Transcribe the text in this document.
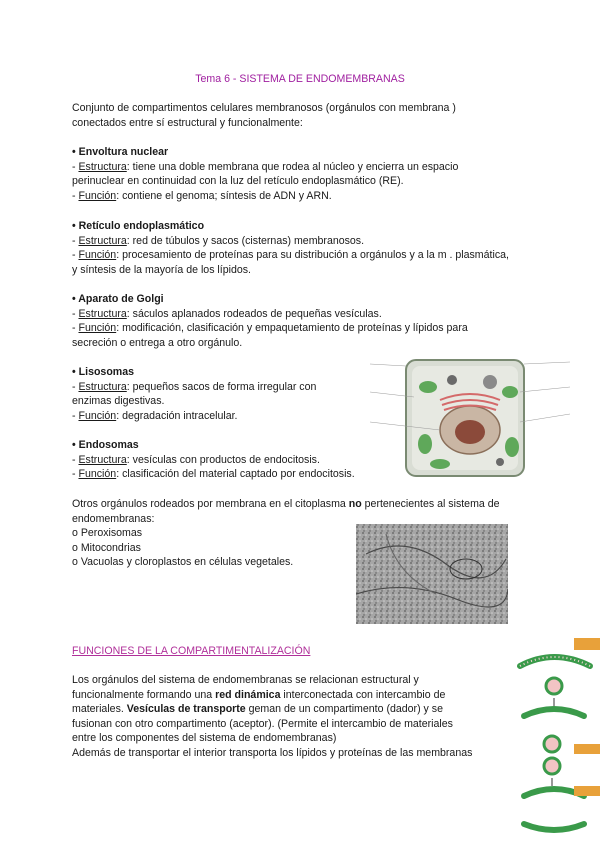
Tema 6 - SISTEMA DE ENDOMEMBRANAS
Conjunto de compartimentos celulares membranosos (orgánulos con membrana )
conectados entre sí estructural y funcionalmente:
• Envoltura nuclear
- Estructura: tiene una doble membrana que rodea al núcleo y encierra un espacio
perinuclear en continuidad con la luz del retículo endoplasmático (RE).
- Función: contiene el genoma; síntesis de ADN y ARN.
• Retículo endoplasmático
- Estructura: red de túbulos y sacos (cisternas) membranosos.
- Función: procesamiento de proteínas para su distribución a orgánulos y a la m . plasmática,
y síntesis de la mayoría de los lípidos.
• Aparato de Golgi
- Estructura: sáculos aplanados rodeados de pequeñas vesículas.
- Función: modificación, clasificación y empaquetamiento de proteínas y lípidos para
secreción o entrega a otro orgánulo.
• Lisosomas
- Estructura: pequeños sacos de forma irregular con
enzimas digestivas.
- Función: degradación intracelular.
• Endosomas
- Estructura: vesículas con productos de endocitosis.
- Función: clasificación del material captado por endocitosis.
Otros orgánulos rodeados por membrana en el citoplasma no pertenecientes al sistema de
endomembranas:
o Peroxisomas
o Mitocondrias
o Vacuolas y cloroplastos en células vegetales.
FUNCIONES DE LA COMPARTIMENTALIZACIÓN
Los orgánulos del sistema de endomembranas se relacionan estructural y
funcionalmente formando una red dinámica interconectada con intercambio de
materiales. Vesículas de transporte geman de un compartimento (dador) y se
fusionan con otro compartimento (aceptor). (Permite el intercambio de materiales
entre los componentes del sistema de endomembranas)
Además de transportar el interior transporta los lípidos y proteínas de las membranas
